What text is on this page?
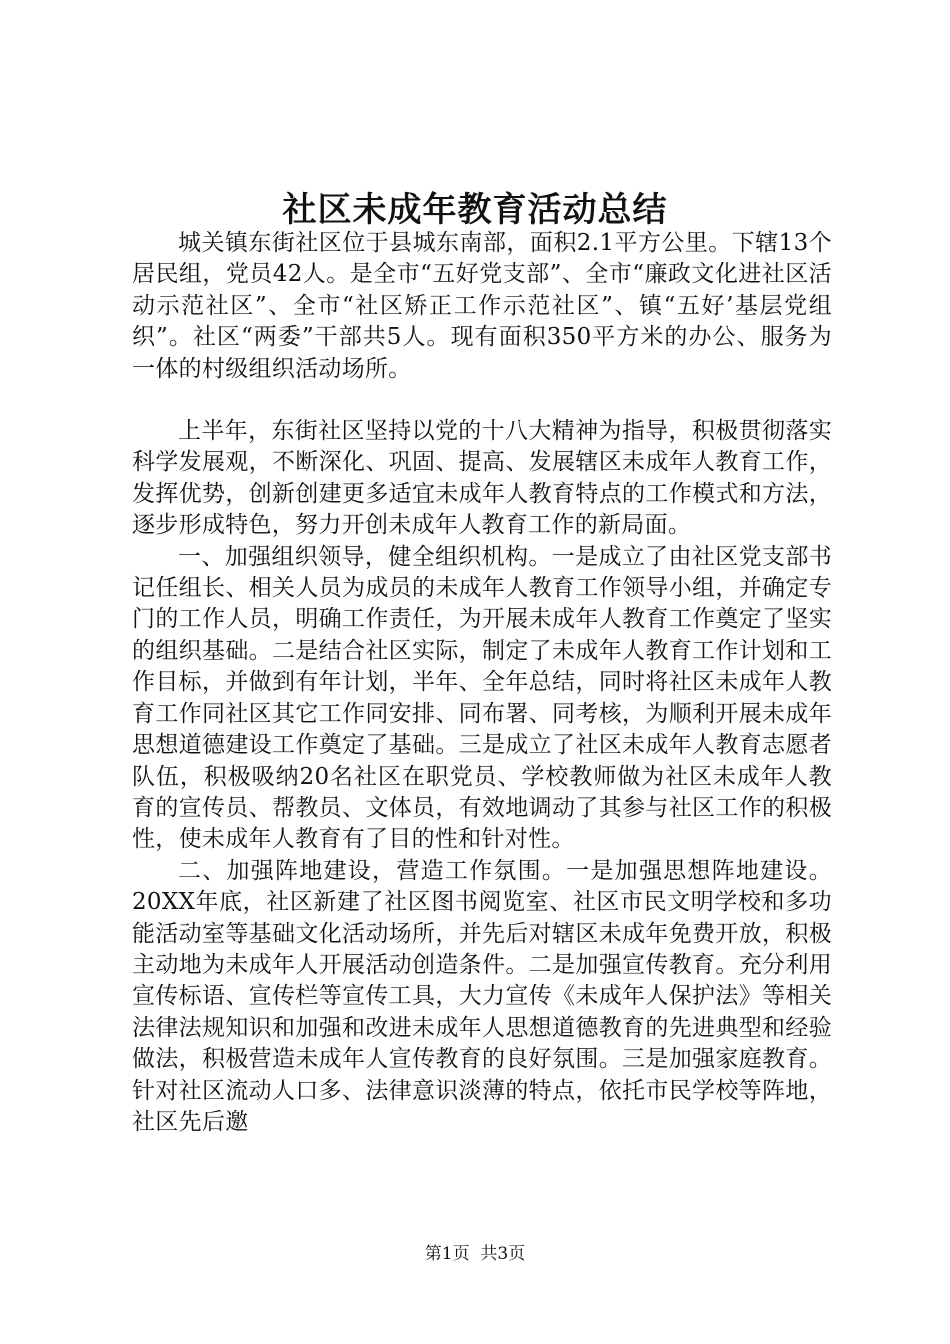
社区未成年教育活动总结

城关镇东街社区位于县城东南部，面积2.1平方公里。下辖13个居民组，党员42人。是全市“五好党支部”、全市“廉政文化进社区活动示范社区”、全市“社区矫正工作示范社区”、镇“五好’基层党组织”。社区“两委”干部共5人。现有面积350平方米的办公、服务为一体的村级组织活动场所。

上半年，东街社区坚持以党的十八大精神为指导，积极贯彻落实科学发展观，不断深化、巩固、提高、发展辖区未成年人教育工作，发挥优势，创新创建更多适宜未成年人教育特点的工作模式和方法，逐步形成特色，努力开创未成年人教育工作的新局面。

一、加强组织领导，健全组织机构。一是成立了由社区党支部书记任组长、相关人员为成员的未成年人教育工作领导小组，并确定专门的工作人员，明确工作责任，为开展未成年人教育工作奠定了坚实的组织基础。二是结合社区实际，制定了未成年人教育工作计划和工作目标，并做到有年计划，半年、全年总结，同时将社区未成年人教育工作同社区其它工作同安排、同布署、同考核，为顺利开展未成年思想道德建设工作奠定了基础。三是成立了社区未成年人教育志愿者队伍，积极吸纳20名社区在职党员、学校教师做为社区未成年人教育的宣传员、帮教员、文体员，有效地调动了其参与社区工作的积极性，使未成年人教育有了目的性和针对性。

二、加强阵地建设，营造工作氛围。一是加强思想阵地建设。20XX年底，社区新建了社区图书阅览室、社区市民文明学校和多功能活动室等基础文化活动场所，并先后对辖区未成年免费开放，积极主动地为未成年人开展活动创造条件。二是加强宣传教育。充分利用宣传标语、宣传栏等宣传工具，大力宣传《未成年人保护法》等相关法律法规知识和加强和改进未成年人思想道德教育的先进典型和经验做法，积极营造未成年人宣传教育的良好氛围。三是加强家庭教育。针对社区流动人口多、法律意识淡薄的特点，依托市民学校等阵地，社区先后邀

第1页  共3页
